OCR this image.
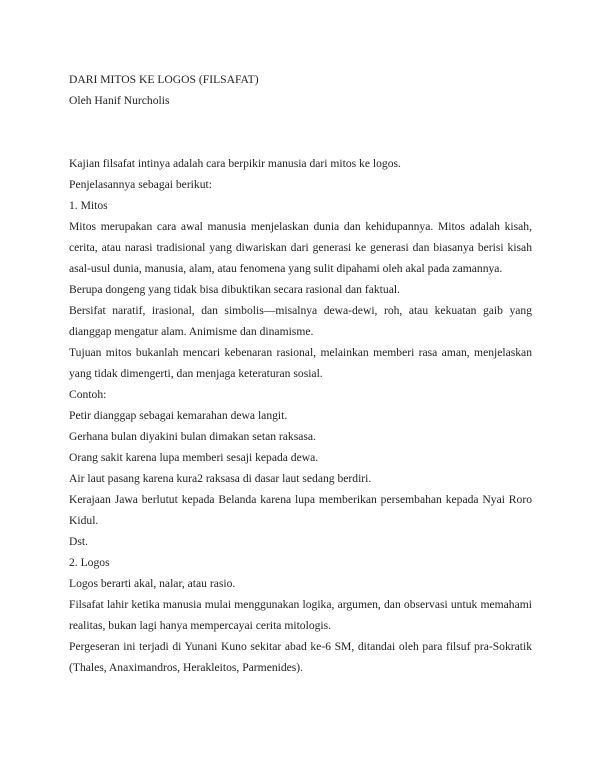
DARI MITOS KE LOGOS (FILSAFAT)

Oleh Hanif Nurcholis

Kajian filsafat intinya adalah cara berpikir manusia dari mitos ke logos.
Penjelasannya sebagai berikut:
1. Mitos
Mitos merupakan cara awal manusia menjelaskan dunia dan kehidupannya. Mitos adalah kisah,
cerita, atau narasi tradisional yang diwariskan dari generasi ke generasi dan biasanya berisi kisah
asal-usul dunia, manusia, alam, atau fenomena yang sulit dipahami oleh akal pada zamannya.
Berupa dongeng yang tidak bisa dibuktikan secara rasional dan faktual.
Bersifat naratif, irasional, dan simbolis—misalnya dewa-dewi, roh, atau kekuatan gaib yang
dianggap mengatur alam. Animisme dan dinamisme.
Tujuan mitos bukanlah mencari kebenaran rasional, melainkan memberi rasa aman, menjelaskan
yang tidak dimengerti, dan menjaga keteraturan sosial.
Contoh:
Petir dianggap sebagai kemarahan dewa langit.
Gerhana bulan diyakini bulan dimakan setan raksasa.
Orang sakit karena lupa memberi sesaji kepada dewa.
Air laut pasang karena kura2 raksasa di dasar laut sedang berdiri.
Kerajaan Jawa berlutut kepada Belanda karena lupa memberikan persembahan kepada Nyai Roro
Kidul.
Dst.
2. Logos
Logos berarti akal, nalar, atau rasio.
Filsafat lahir ketika manusia mulai menggunakan logika, argumen, dan observasi untuk memahami
realitas, bukan lagi hanya mempercayai cerita mitologis.
Pergeseran ini terjadi di Yunani Kuno sekitar abad ke-6 SM, ditandai oleh para filsuf pra-Sokratik
(Thales, Anaximandros, Herakleitos, Parmenides).
